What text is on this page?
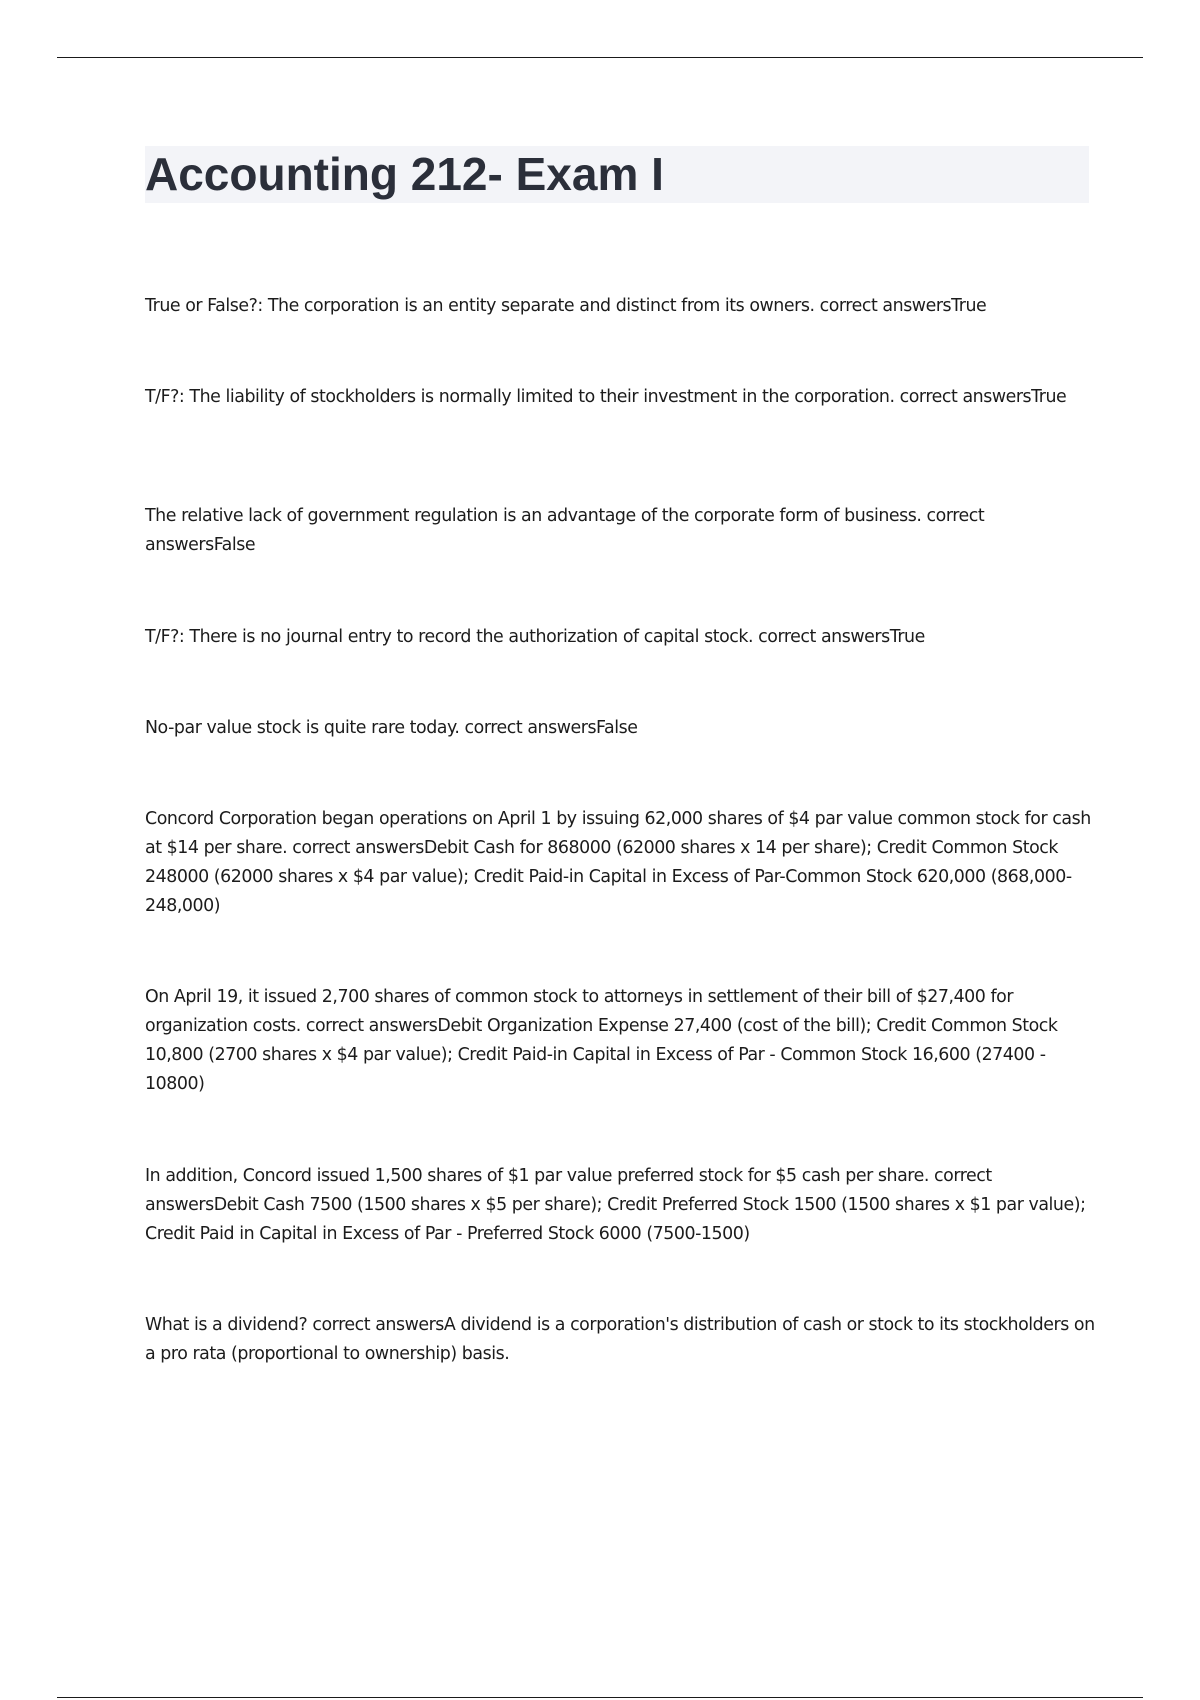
Accounting 212- Exam I

True or False?: The corporation is an entity separate and distinct from its owners. correct answersTrue

T/F?: The liability of stockholders is normally limited to their investment in the corporation. correct answersTrue

The relative lack of government regulation is an advantage of the corporate form of business. correct answersFalse

T/F?: There is no journal entry to record the authorization of capital stock. correct answersTrue

No-par value stock is quite rare today. correct answersFalse

Concord Corporation began operations on April 1 by issuing 62,000 shares of $4 par value common stock for cash at $14 per share. correct answersDebit Cash for 868000 (62000 shares x 14 per share); Credit Common Stock 248000 (62000 shares x $4 par value); Credit Paid-in Capital in Excess of Par-Common Stock 620,000 (868,000-248,000)

On April 19, it issued 2,700 shares of common stock to attorneys in settlement of their bill of $27,400 for organization costs. correct answersDebit Organization Expense 27,400 (cost of the bill); Credit Common Stock 10,800 (2700 shares x $4 par value); Credit Paid-in Capital in Excess of Par - Common Stock 16,600 (27400 - 10800)

In addition, Concord issued 1,500 shares of $1 par value preferred stock for $5 cash per share. correct answersDebit Cash 7500 (1500 shares x $5 per share); Credit Preferred Stock 1500 (1500 shares x $1 par value); Credit Paid in Capital in Excess of Par - Preferred Stock 6000 (7500-1500)

What is a dividend? correct answersA dividend is a corporation's distribution of cash or stock to its stockholders on a pro rata (proportional to ownership) basis.
